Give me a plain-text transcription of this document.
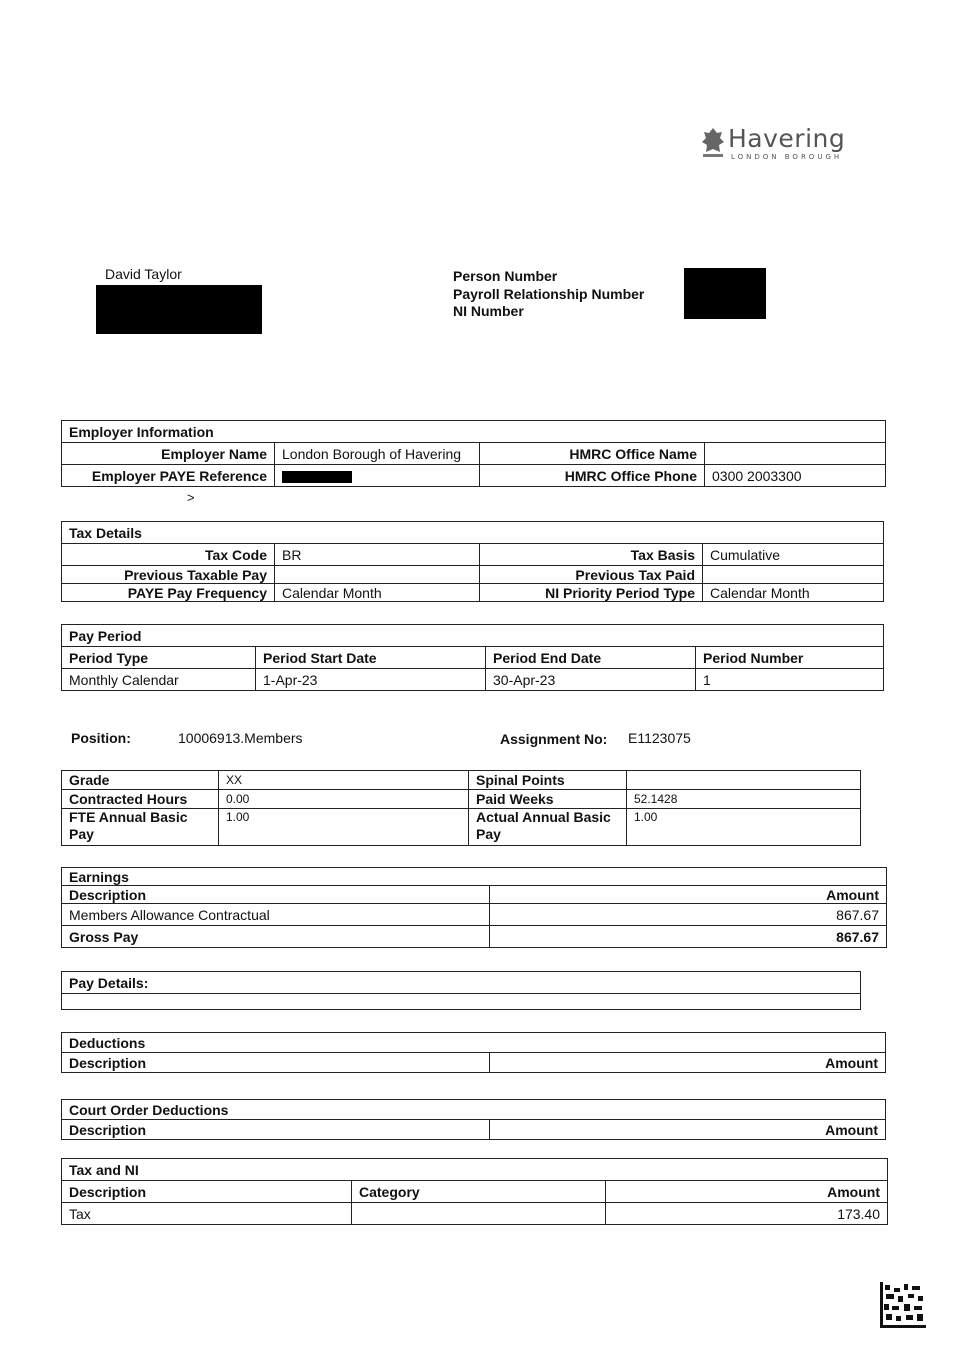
Havering
LONDON BOROUGH
David Taylor	Person Number
Payroll Relationship Number
NI Number
Employer Information			
Employer Name	London Borough of Havering	HMRC Office Name	
Employer PAYE Reference		HMRC Office Phone	0300 2003300
>
Tax Details			
Tax Code	BR	Tax Basis	Cumulative
Previous Taxable Pay		Previous Tax Paid	
PAYE Pay Frequency	Calendar Month	NI Priority Period Type	Calendar Month
Pay Period			
Period Type	Period Start Date	Period End Date	Period Number
Monthly Calendar	1-Apr-23	30-Apr-23	1
Position:	10006913.Members	Assignment No: E1123075
Grade	XX	Spinal Points	
Contracted Hours	0.00	Paid Weeks	52.1428
FTE Annual Basic Pay	1.00	Actual Annual Basic Pay	1.00
Earnings	
Description	Amount
Members Allowance Contractual	867.67
Gross Pay	867.67
Pay Details:

Deductions
Description	Amount
Court Order Deductions
Description	Amount
Tax and NI		
Description	Category	Amount
Tax		173.40
